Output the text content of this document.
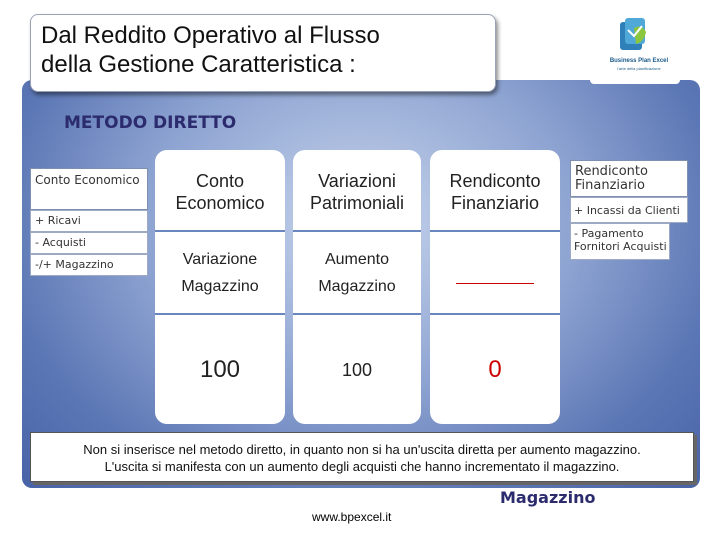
Dal Reddito Operativo al Flusso
della Gestione Caratteristica :	Business Plan Excel
l'arte della pianificazione
METODO DIRETTO
Conto Economico
+ Ricavi
- Acquisti
-/+ Magazzino
Conto Economico
Variazione
Magazzino
100
Variazioni Patrimoniali
Aumento
Magazzino
100
Rendiconto Finanziario
0
Rendiconto Finanziario
+ Incassi da Clienti
- Pagamento Fornitori Acquisti
Non si inserisce nel metodo diretto, in quanto non si ha un'uscita diretta per aumento magazzino.
L'uscita si manifesta con un aumento degli acquisti che hanno incrementato il magazzino.
Magazzino
www.bpexcel.it
